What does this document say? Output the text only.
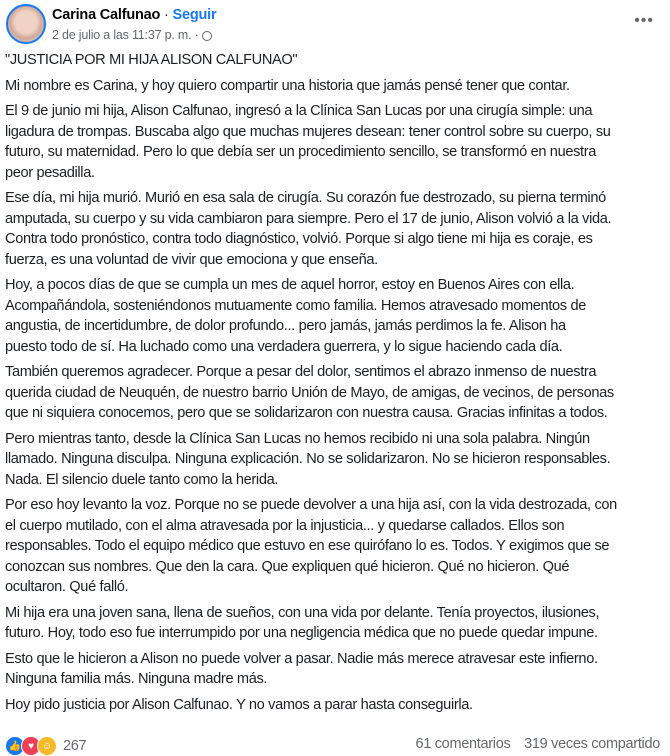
Carina Calfunao · Seguir
2 de julio a las 11:37 p. m. ·
•••

"JUSTICIA POR MI HIJA ALISON CALFUNAO"

Mi nombre es Carina, y hoy quiero compartir una historia que jamás pensé tener que contar.

El 9 de junio mi hija, Alison Calfunao, ingresó a la Clínica San Lucas por una cirugía simple: una
ligadura de trompas. Buscaba algo que muchas mujeres desean: tener control sobre su cuerpo, su
futuro, su maternidad. Pero lo que debía ser un procedimiento sencillo, se transformó en nuestra
peor pesadilla.

Ese día, mi hija murió. Murió en esa sala de cirugía. Su corazón fue destrozado, su pierna terminó
amputada, su cuerpo y su vida cambiaron para siempre. Pero el 17 de junio, Alison volvió a la vida.
Contra todo pronóstico, contra todo diagnóstico, volvió. Porque si algo tiene mi hija es coraje, es
fuerza, es una voluntad de vivir que emociona y que enseña.

Hoy, a pocos días de que se cumpla un mes de aquel horror, estoy en Buenos Aires con ella.
Acompañándola, sosteniéndonos mutuamente como familia. Hemos atravesado momentos de
angustia, de incertidumbre, de dolor profundo... pero jamás, jamás perdimos la fe. Alison ha
puesto todo de sí. Ha luchado como una verdadera guerrera, y lo sigue haciendo cada día.

También queremos agradecer. Porque a pesar del dolor, sentimos el abrazo inmenso de nuestra
querida ciudad de Neuquén, de nuestro barrio Unión de Mayo, de amigas, de vecinos, de personas
que ni siquiera conocemos, pero que se solidarizaron con nuestra causa. Gracias infinitas a todos.

Pero mientras tanto, desde la Clínica San Lucas no hemos recibido ni una sola palabra. Ningún
llamado. Ninguna disculpa. Ninguna explicación. No se solidarizaron. No se hicieron responsables.
Nada. El silencio duele tanto como la herida.

Por eso hoy levanto la voz. Porque no se puede devolver a una hija así, con la vida destrozada, con
el cuerpo mutilado, con el alma atravesada por la injusticia... y quedarse callados. Ellos son
responsables. Todo el equipo médico que estuvo en ese quirófano lo es. Todos. Y exigimos que se
conozcan sus nombres. Que den la cara. Que expliquen qué hicieron. Qué no hicieron. Qué
ocultaron. Qué falló.

Mi hija era una joven sana, llena de sueños, con una vida por delante. Tenía proyectos, ilusiones,
futuro. Hoy, todo eso fue interrumpido por una negligencia médica que no puede quedar impune.

Esto que le hicieron a Alison no puede volver a pasar. Nadie más merece atravesar este infierno.
Ninguna familia más. Ninguna madre más.

Hoy pido justicia por Alison Calfunao. Y no vamos a parar hasta conseguirla.

👍 ♥ ☺ 267	61 comentarios 319 veces compartido
